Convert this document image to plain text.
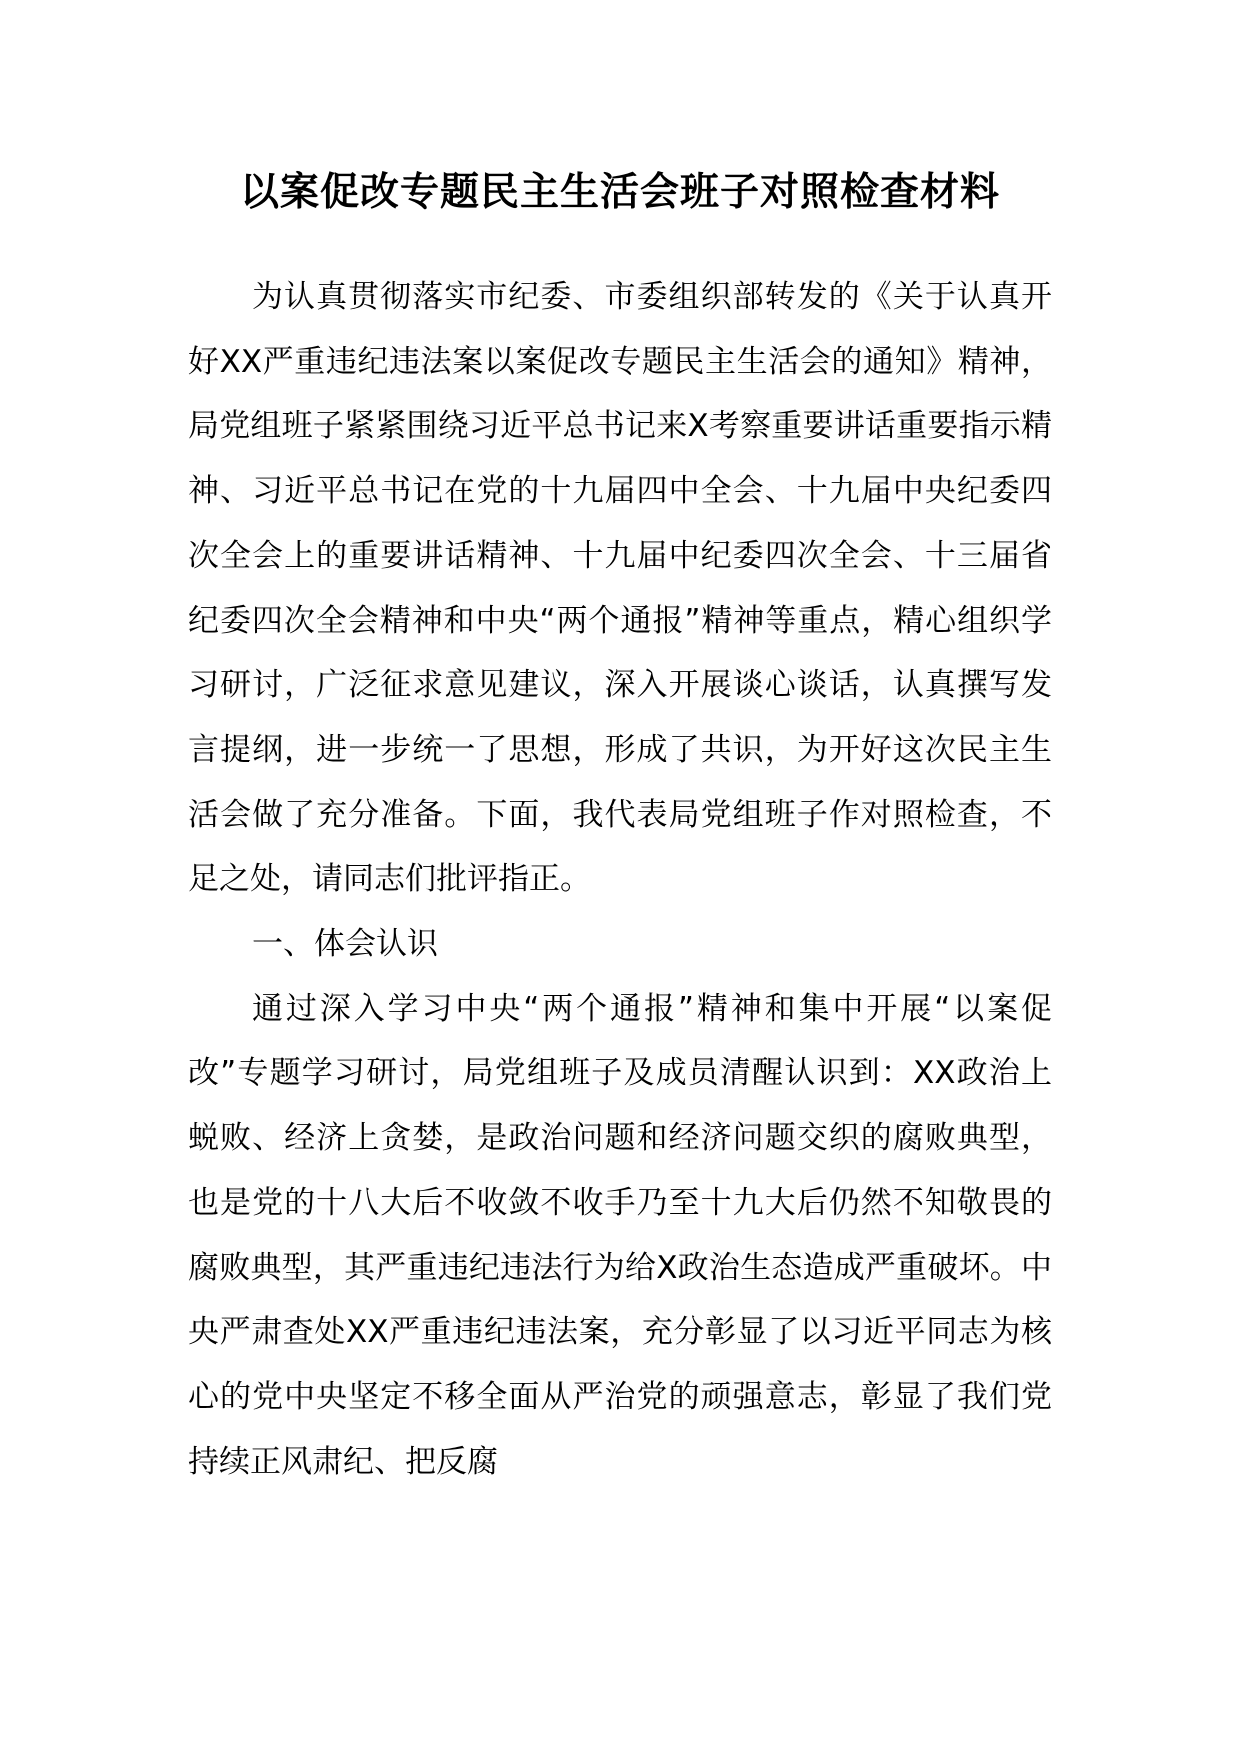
以案促改专题民主生活会班子对照检查材料

为认真贯彻落实市纪委、市委组织部转发的《关于认真开好XX严重违纪违法案以案促改专题民主生活会的通知》精神，局党组班子紧紧围绕习近平总书记来X考察重要讲话重要指示精神、习近平总书记在党的十九届四中全会、十九届中央纪委四次全会上的重要讲话精神、十九届中纪委四次全会、十三届省纪委四次全会精神和中央“两个通报”精神等重点，精心组织学习研讨，广泛征求意见建议，深入开展谈心谈话，认真撰写发言提纲，进一步统一了思想，形成了共识，为开好这次民主生活会做了充分准备。下面，我代表局党组班子作对照检查，不足之处，请同志们批评指正。

一、体会认识

通过深入学习中央“两个通报”精神和集中开展“以案促改”专题学习研讨，局党组班子及成员清醒认识到：XX政治上蜕败、经济上贪婪，是政治问题和经济问题交织的腐败典型，也是党的十八大后不收敛不收手乃至十九大后仍然不知敬畏的腐败典型，其严重违纪违法行为给X政治生态造成严重破坏。中央严肃查处XX严重违纪违法案，充分彰显了以习近平同志为核心的党中央坚定不移全面从严治党的顽强意志，彰显了我们党持续正风肃纪、把反腐
